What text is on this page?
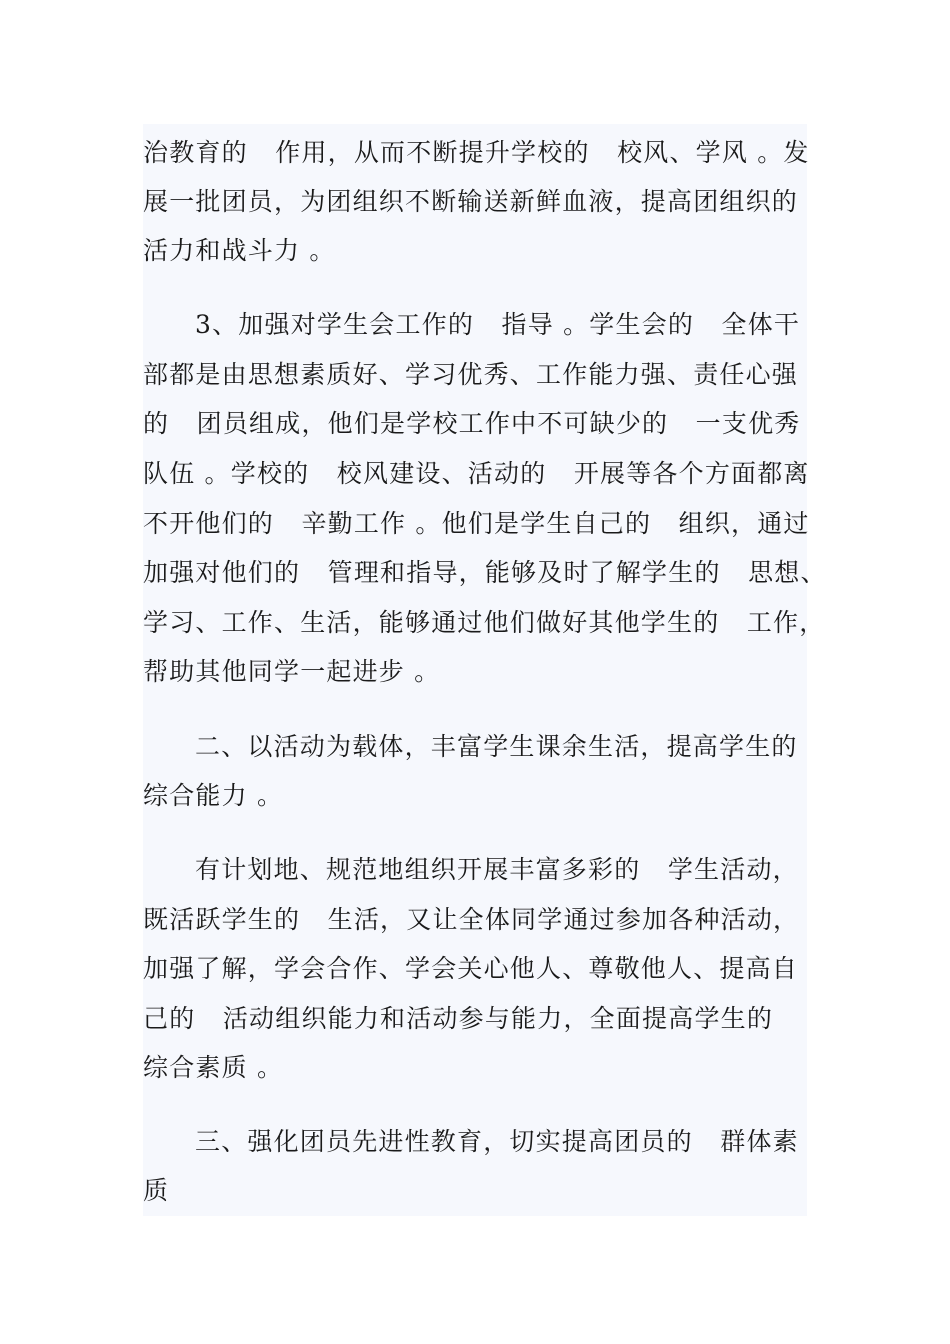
治教育的   作用，从而不断提升学校的   校风、学风 。发
展一批团员，为团组织不断输送新鲜血液，提高团组织的
活力和战斗力 。
3、加强对学生会工作的   指导 。学生会的   全体干
部都是由思想素质好、学习优秀、工作能力强、责任心强
的   团员组成，他们是学校工作中不可缺少的   一支优秀
队伍 。学校的   校风建设、活动的   开展等各个方面都离
不开他们的   辛勤工作 。他们是学生自己的   组织，通过
加强对他们的   管理和指导，能够及时了解学生的   思想、
学习、工作、生活，能够通过他们做好其他学生的   工作，
帮助其他同学一起进步 。
二、以活动为载体，丰富学生课余生活，提高学生的
综合能力 。
有计划地、规范地组织开展丰富多彩的   学生活动，
既活跃学生的   生活，又让全体同学通过参加各种活动，
加强了解，学会合作、学会关心他人、尊敬他人、提高自
己的   活动组织能力和活动参与能力，全面提高学生的
综合素质 。
三、强化团员先进性教育，切实提高团员的   群体素
质
